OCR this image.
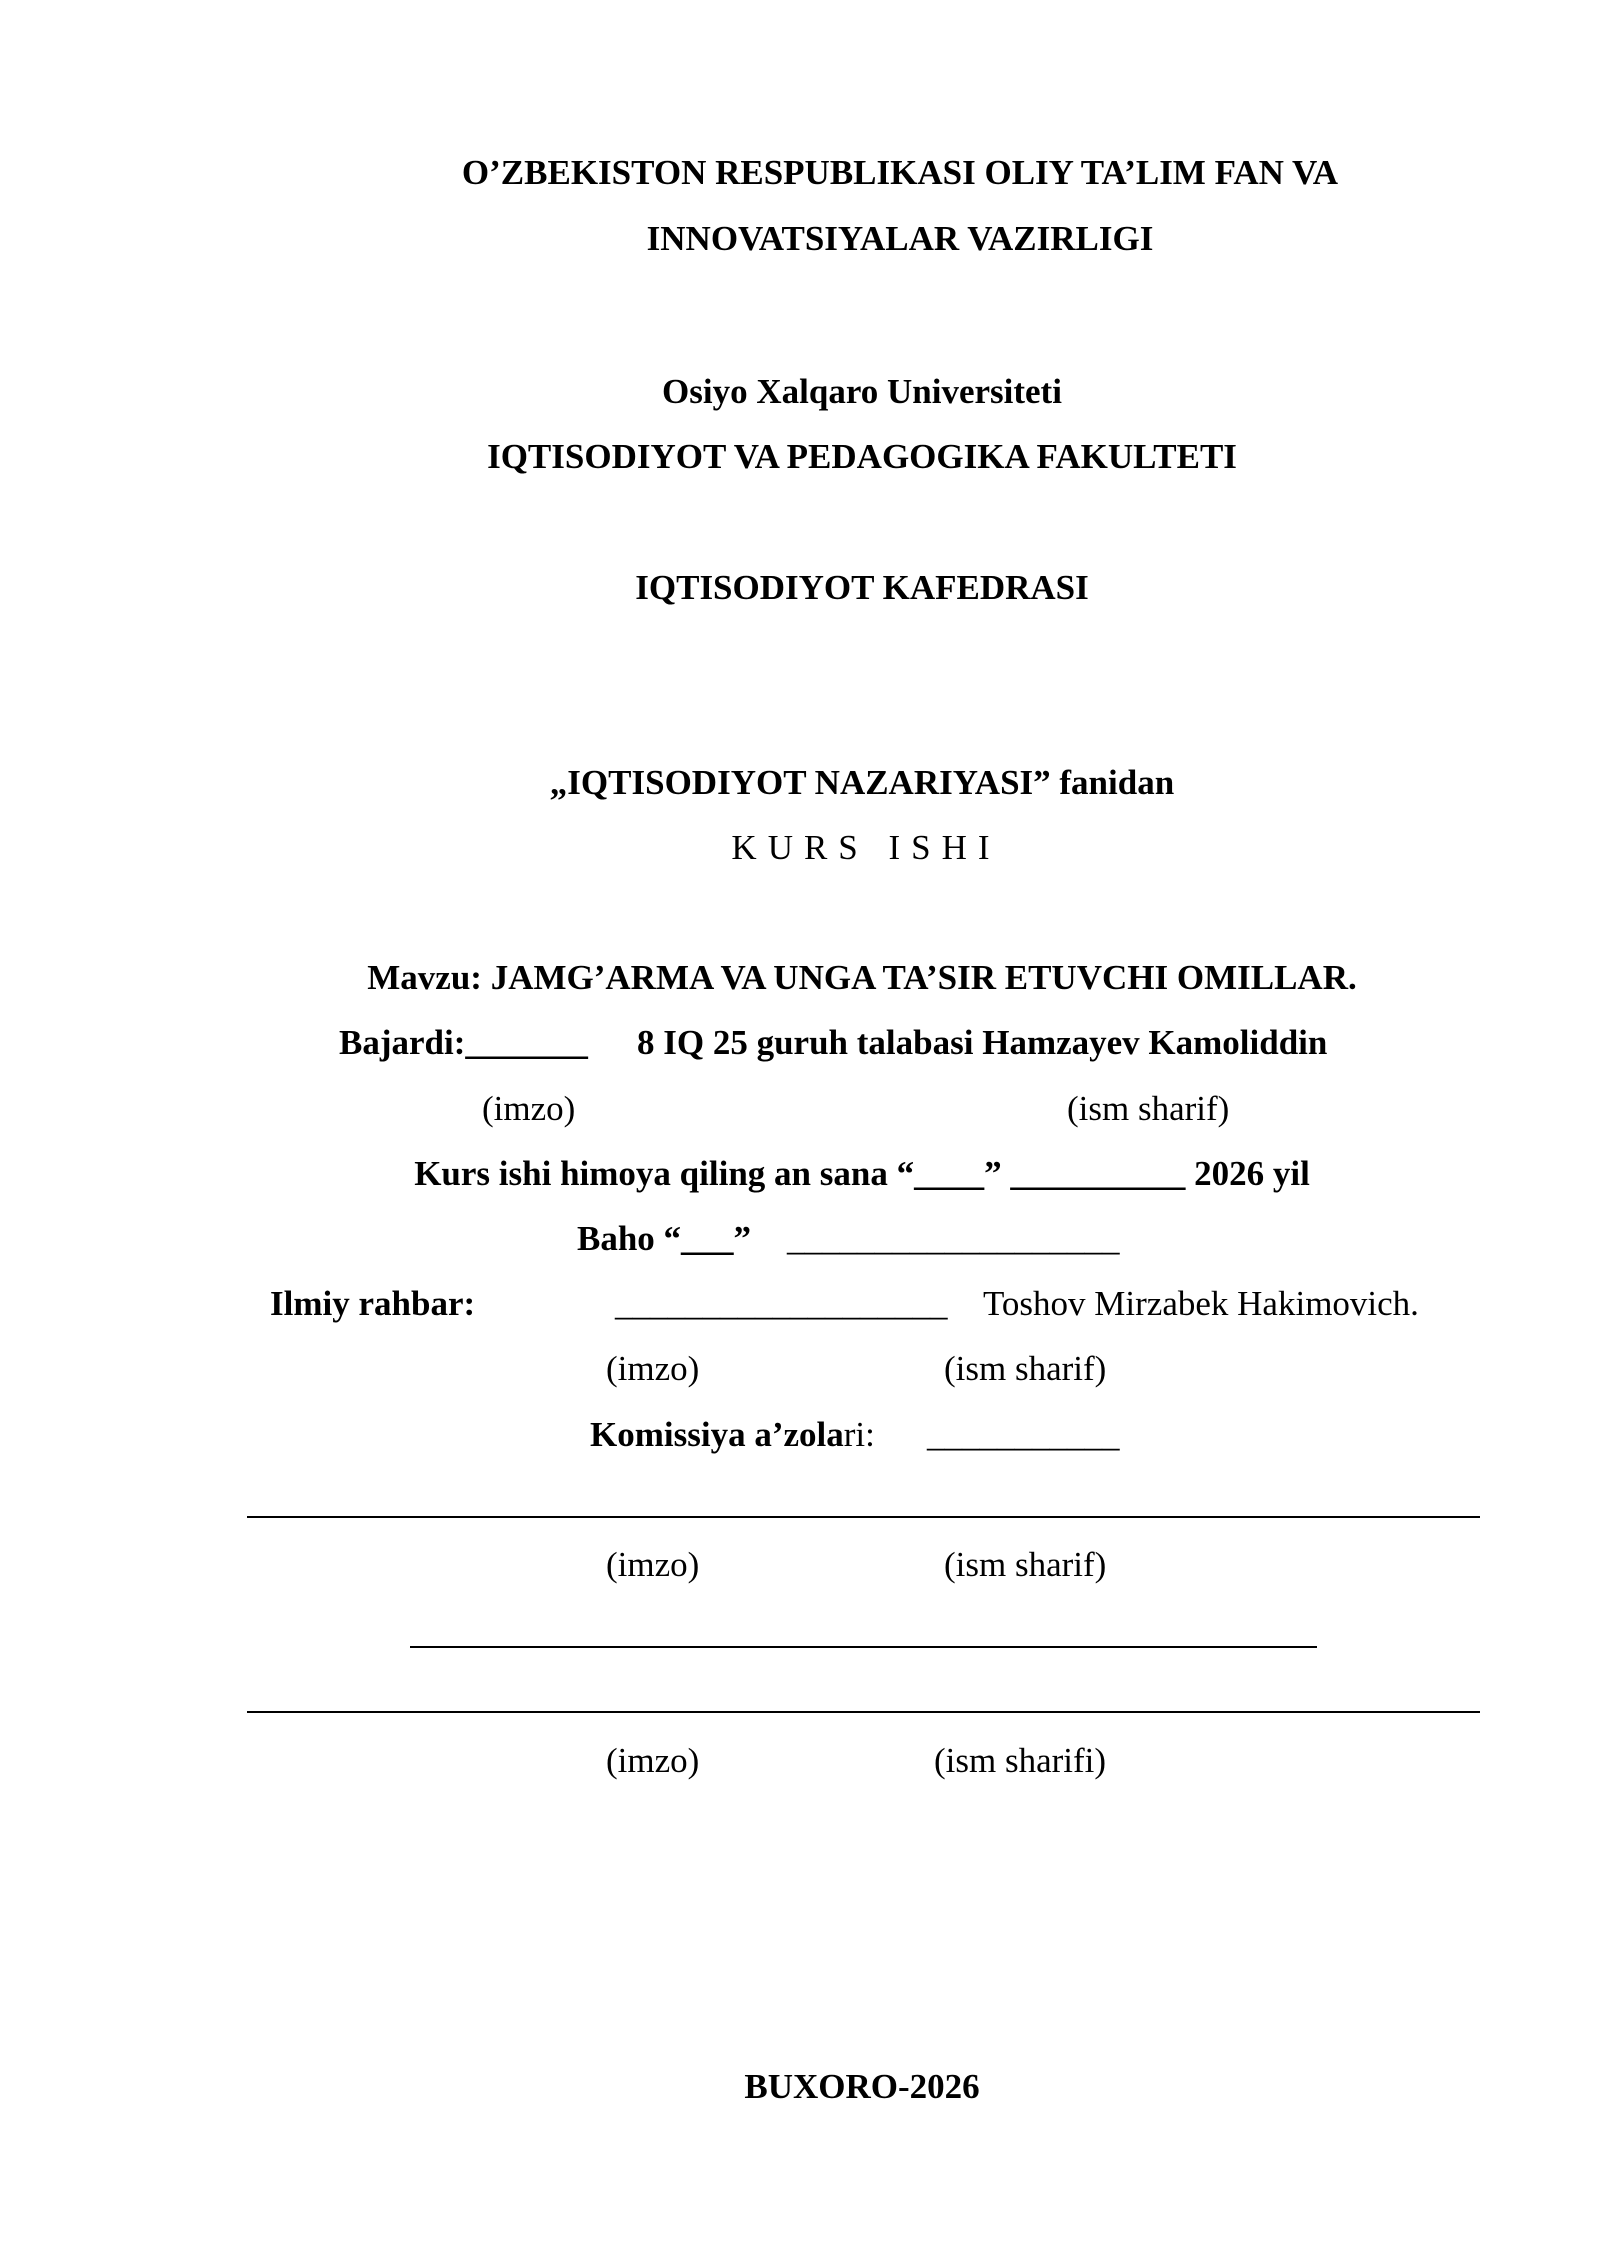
O’ZBEKISTON RESPUBLIKASI OLIY TA’LIM FAN VA
INNOVATSIYALAR VAZIRLIGI
Osiyo Xalqaro Universiteti
IQTISODIYOT VA PEDAGOGIKA FAKULTETI
IQTISODIYOT KAFEDRASI
„IQTISODIYOT NAZARIYASI” fanidan
KURS ISHI
Mavzu: JAMG’ARMA VA UNGA TA’SIR ETUVCHI OMILLAR.
Bajardi:_______ 8 IQ 25 guruh talabasi Hamzayev Kamoliddin
(imzo)	(ism sharif)
Kurs ishi himoya qiling an sana “____” __________ 2026 yil
Baho “___” ___________________
Ilmiy rahbar:	___________________ Toshov Mirzabek Hakimovich.
(imzo)	(ism sharif)
Komissiya a’zolari: ___________
(imzo)	(ism sharif)
(imzo)	(ism sharifi)
BUXORO-2026
